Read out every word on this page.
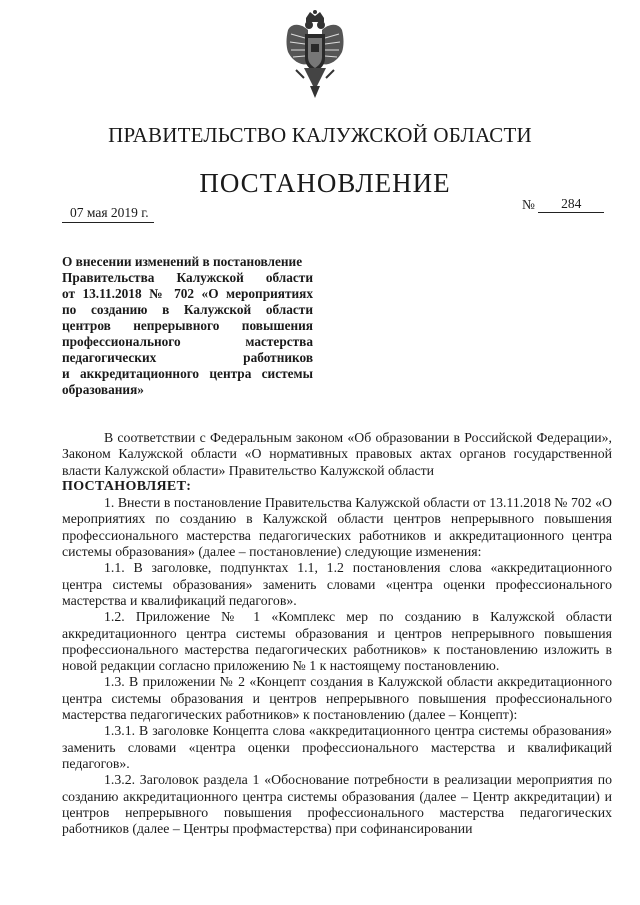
ПРАВИТЕЛЬСТВО КАЛУЖСКОЙ ОБЛАСТИ
ПОСТАНОВЛЕНИЕ
07 мая 2019 г.
№ 284
О внесении изменений в постановление
Правительства Калужской области
от 13.11.2018 № 702 «О мероприятиях
по созданию в Калужской области
центров непрерывного повышения
профессионального мастерства
педагогических работников
и аккредитационного центра системы
образования»

В соответствии с Федеральным законом «Об образовании в Российской Федерации», Законом Калужской области «О нормативных правовых актах органов государственной власти Калужской области» Правительство Калужской области

ПОСТАНОВЛЯЕТ:

1. Внести в постановление Правительства Калужской области от 13.11.2018 № 702 «О мероприятиях по созданию в Калужской области центров непрерывного повышения профессионального мастерства педагогических работников и аккредитационного центра системы образования» (далее – постановление) следующие изменения:

1.1. В заголовке, подпунктах 1.1, 1.2 постановления слова «аккредитационного центра системы образования» заменить словами «центра оценки профессионального мастерства и квалификаций педагогов».

1.2. Приложение № 1 «Комплекс мер по созданию в Калужской области аккредитационного центра системы образования и центров непрерывного повышения профессионального мастерства педагогических работников» к постановлению изложить в новой редакции согласно приложению № 1 к настоящему постановлению.

1.3. В приложении № 2 «Концепт создания в Калужской области аккредитационного центра системы образования и центров непрерывного повышения профессионального мастерства педагогических работников» к постановлению (далее – Концепт):

1.3.1. В заголовке Концепта слова «аккредитационного центра системы образования» заменить словами «центра оценки профессионального мастерства и квалификаций педагогов».

1.3.2. Заголовок раздела 1 «Обоснование потребности в реализации мероприятия по созданию аккредитационного центра системы образования (далее – Центр аккредитации) и центров непрерывного повышения профессионального мастерства педагогических работников (далее – Центры профмастерства) при софинансировании
